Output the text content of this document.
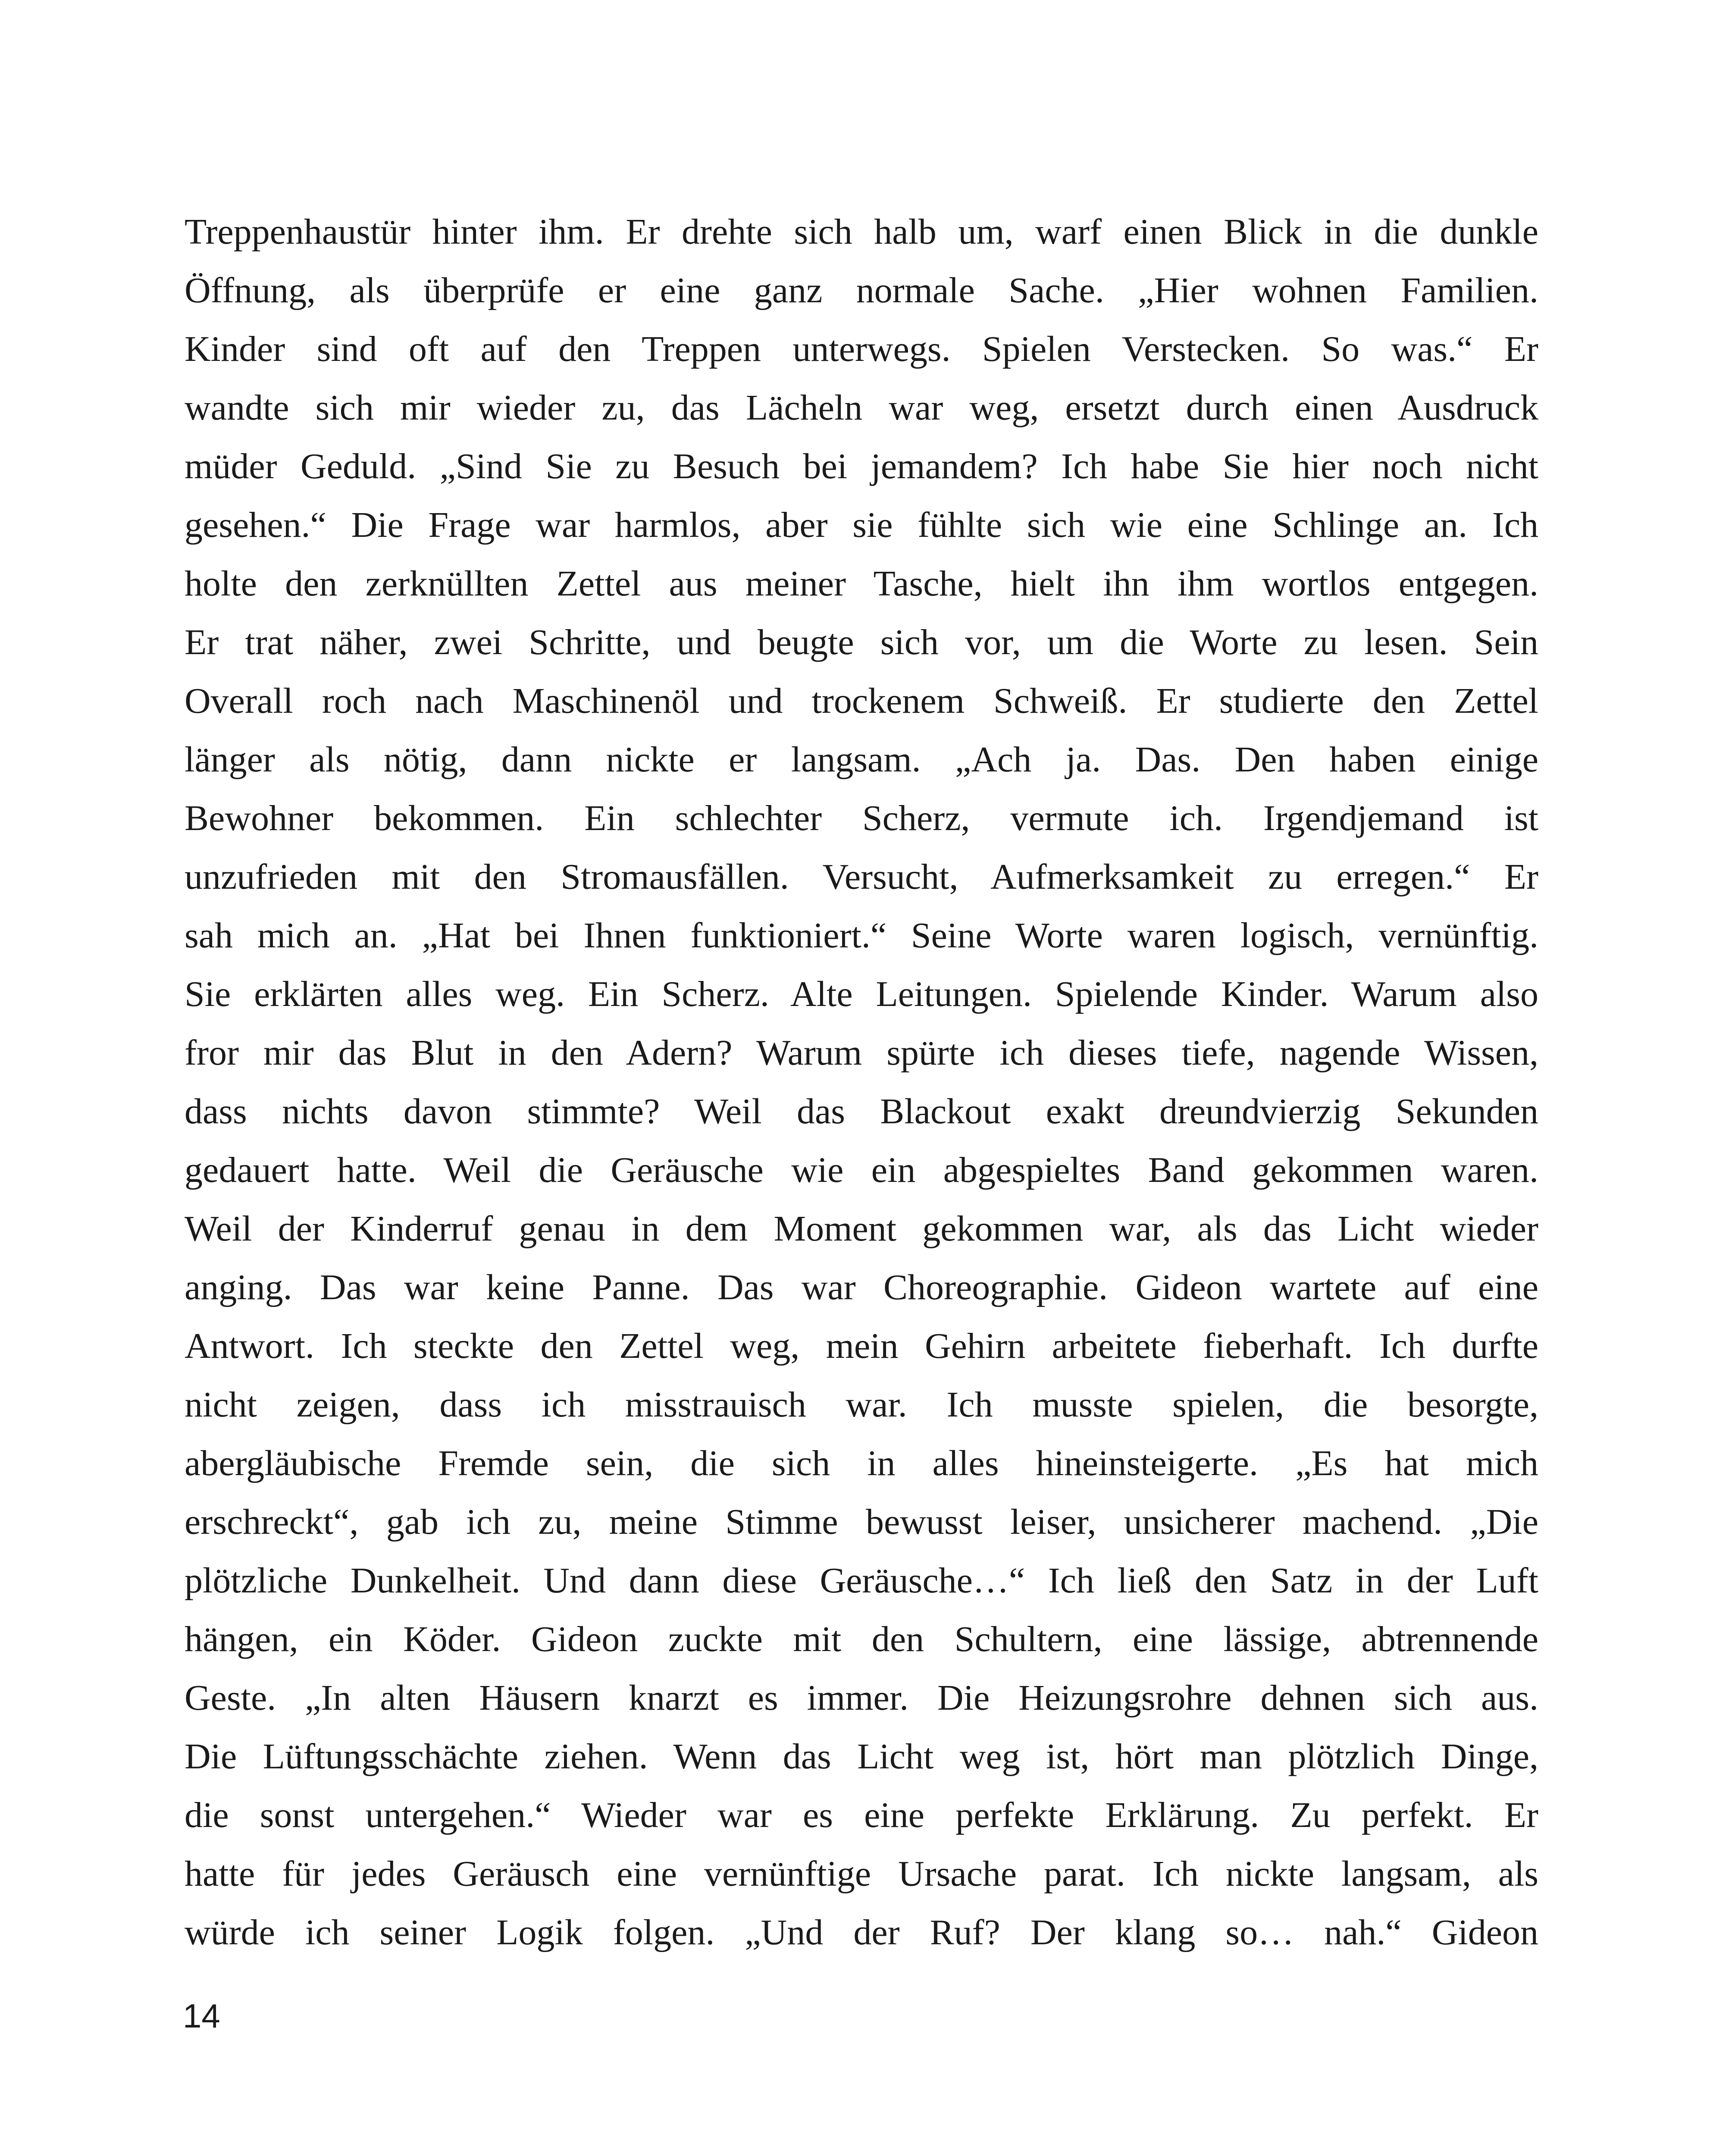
Treppenhaustür hinter ihm. Er drehte sich halb um, warf einen Blick in die dunkle
Öffnung, als überprüfe er eine ganz normale Sache. „Hier wohnen Familien.
Kinder sind oft auf den Treppen unterwegs. Spielen Verstecken. So was.“ Er
wandte sich mir wieder zu, das Lächeln war weg, ersetzt durch einen Ausdruck
müder Geduld. „Sind Sie zu Besuch bei jemandem? Ich habe Sie hier noch nicht
gesehen.“ Die Frage war harmlos, aber sie fühlte sich wie eine Schlinge an. Ich
holte den zerknüllten Zettel aus meiner Tasche, hielt ihn ihm wortlos entgegen.
Er trat näher, zwei Schritte, und beugte sich vor, um die Worte zu lesen. Sein
Overall roch nach Maschinenöl und trockenem Schweiß. Er studierte den Zettel
länger als nötig, dann nickte er langsam. „Ach ja. Das. Den haben einige
Bewohner bekommen. Ein schlechter Scherz, vermute ich. Irgendjemand ist
unzufrieden mit den Stromausfällen. Versucht, Aufmerksamkeit zu erregen.“ Er
sah mich an. „Hat bei Ihnen funktioniert.“ Seine Worte waren logisch, vernünftig.
Sie erklärten alles weg. Ein Scherz. Alte Leitungen. Spielende Kinder. Warum also
fror mir das Blut in den Adern? Warum spürte ich dieses tiefe, nagende Wissen,
dass nichts davon stimmte? Weil das Blackout exakt dreundvierzig Sekunden
gedauert hatte. Weil die Geräusche wie ein abgespieltes Band gekommen waren.
Weil der Kinderruf genau in dem Moment gekommen war, als das Licht wieder
anging. Das war keine Panne. Das war Choreographie. Gideon wartete auf eine
Antwort. Ich steckte den Zettel weg, mein Gehirn arbeitete fieberhaft. Ich durfte
nicht zeigen, dass ich misstrauisch war. Ich musste spielen, die besorgte,
abergläubische Fremde sein, die sich in alles hineinsteigerte. „Es hat mich
erschreckt“, gab ich zu, meine Stimme bewusst leiser, unsicherer machend. „Die
plötzliche Dunkelheit. Und dann diese Geräusche…“ Ich ließ den Satz in der Luft
hängen, ein Köder. Gideon zuckte mit den Schultern, eine lässige, abtrennende
Geste. „In alten Häusern knarzt es immer. Die Heizungsrohre dehnen sich aus.
Die Lüftungsschächte ziehen. Wenn das Licht weg ist, hört man plötzlich Dinge,
die sonst untergehen.“ Wieder war es eine perfekte Erklärung. Zu perfekt. Er
hatte für jedes Geräusch eine vernünftige Ursache parat. Ich nickte langsam, als
würde ich seiner Logik folgen. „Und der Ruf? Der klang so… nah.“ Gideon
14
